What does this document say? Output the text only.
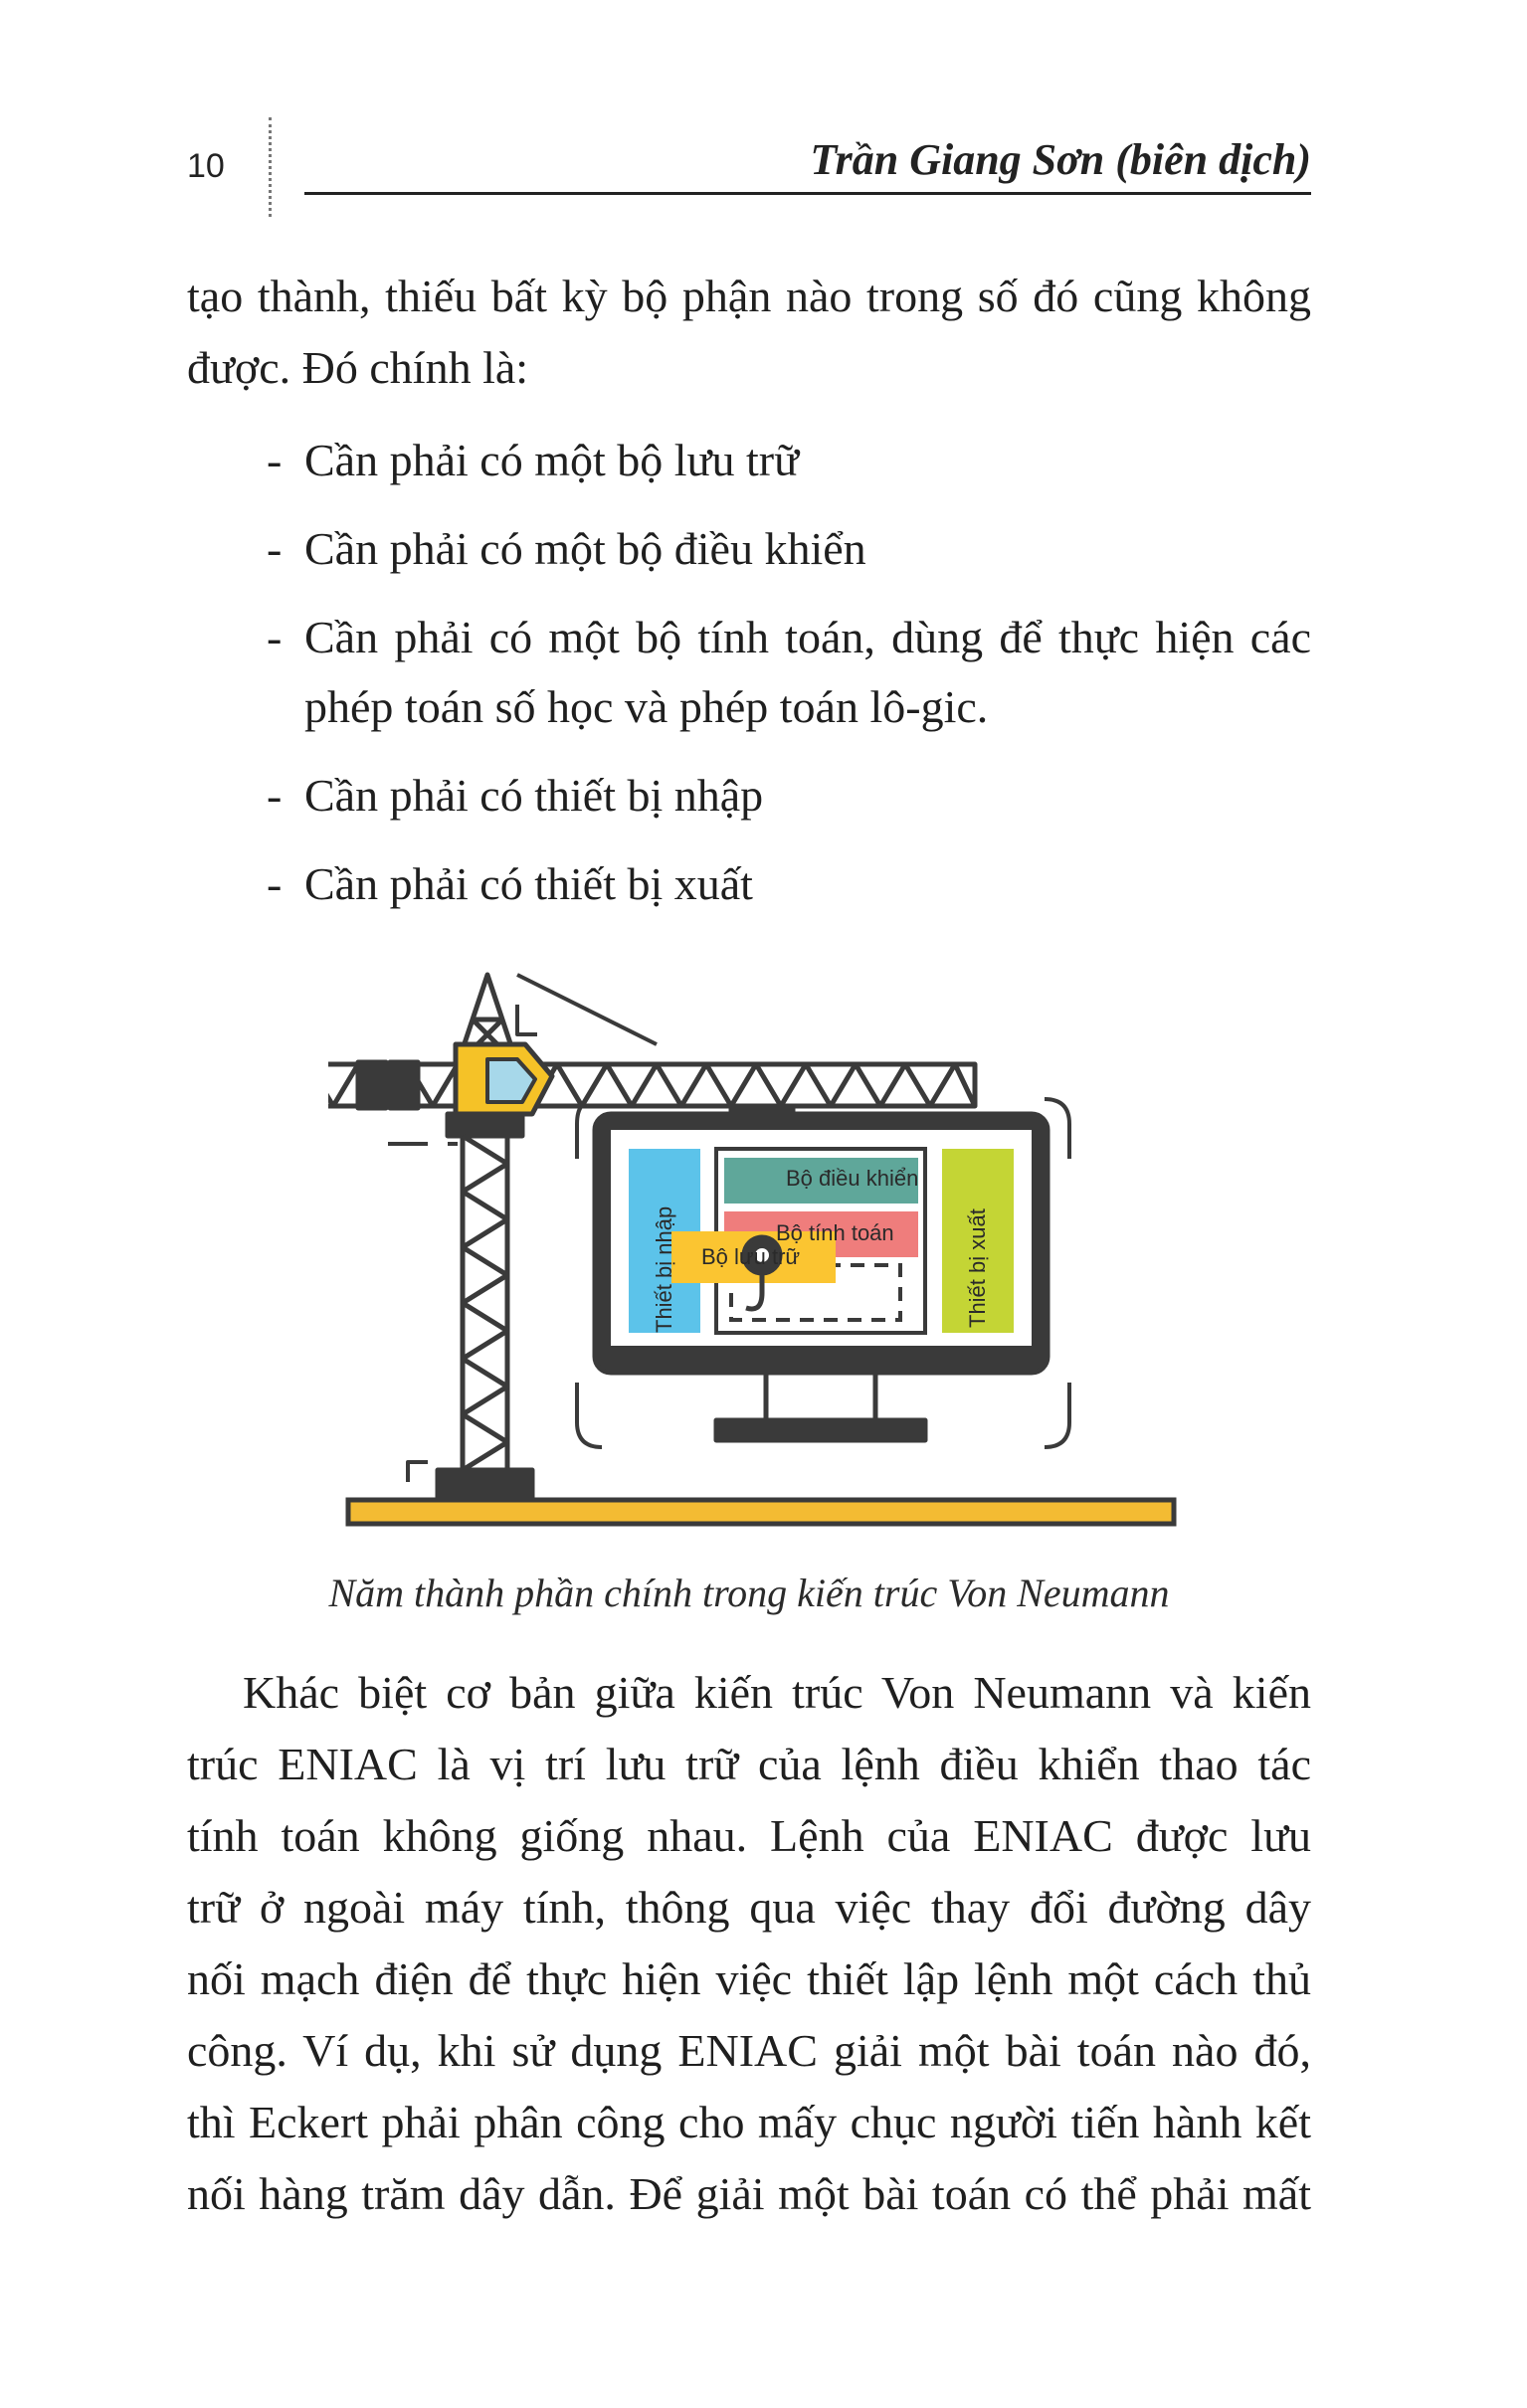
10	Trần Giang Sơn (biên dịch)

tạo thành, thiếu bất kỳ bộ phận nào trong số đó cũng không

được. Đó chính là:

- Cần phải có một bộ lưu trữ
- Cần phải có một bộ điều khiển
- Cần phải có một bộ tính toán, dùng để thực hiện các phép toán số học và phép toán lô-gic.
- Cần phải có thiết bị nhập
- Cần phải có thiết bị xuất
Thiết bị nhập	Thiết bị xuất
Bộ điều khiển
Bộ tính toán
Bộ lưu trữ
Năm thành phần chính trong kiến trúc Von Neumann

Khác biệt cơ bản giữa kiến trúc Von Neumann và kiến

trúc ENIAC là vị trí lưu trữ của lệnh điều khiển thao tác

tính toán không giống nhau. Lệnh của ENIAC được lưu

trữ ở ngoài máy tính, thông qua việc thay đổi đường dây

nối mạch điện để thực hiện việc thiết lập lệnh một cách thủ

công. Ví dụ, khi sử dụng ENIAC giải một bài toán nào đó,

thì Eckert phải phân công cho mấy chục người tiến hành kết

nối hàng trăm dây dẫn. Để giải một bài toán có thể phải mất
